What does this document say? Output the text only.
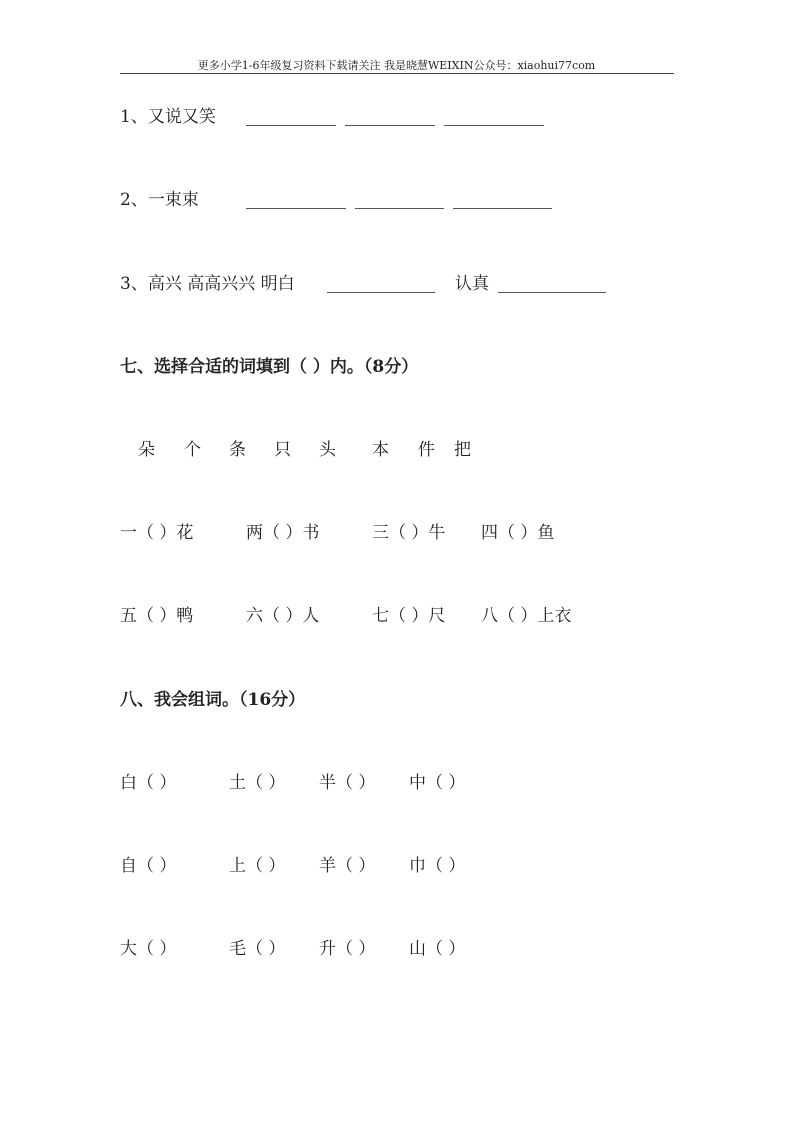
更多小学1-6年级复习资料下载请关注 我是晓慧WEIXIN公众号：xiaohui77com
1、又说又笑
2、一束束
3、高兴 高高兴兴 明白	认真
七、选择合适的词填到（ ）内。（8分）
朵 个 条 只 头 本 件 把
一（ ）花	两（ ）书	三（ ）牛 四（ ）鱼
五（ ）鸭	六（ ）人	七（ ）尺 八（ ）上衣
八、我会组词。（16分）
白（ ）	土（ ） 半（ ） 中（ ）
自（ ）	上（ ） 羊（ ） 巾（ ）
大（ ）	毛（ ） 升（ ） 山（ ）
